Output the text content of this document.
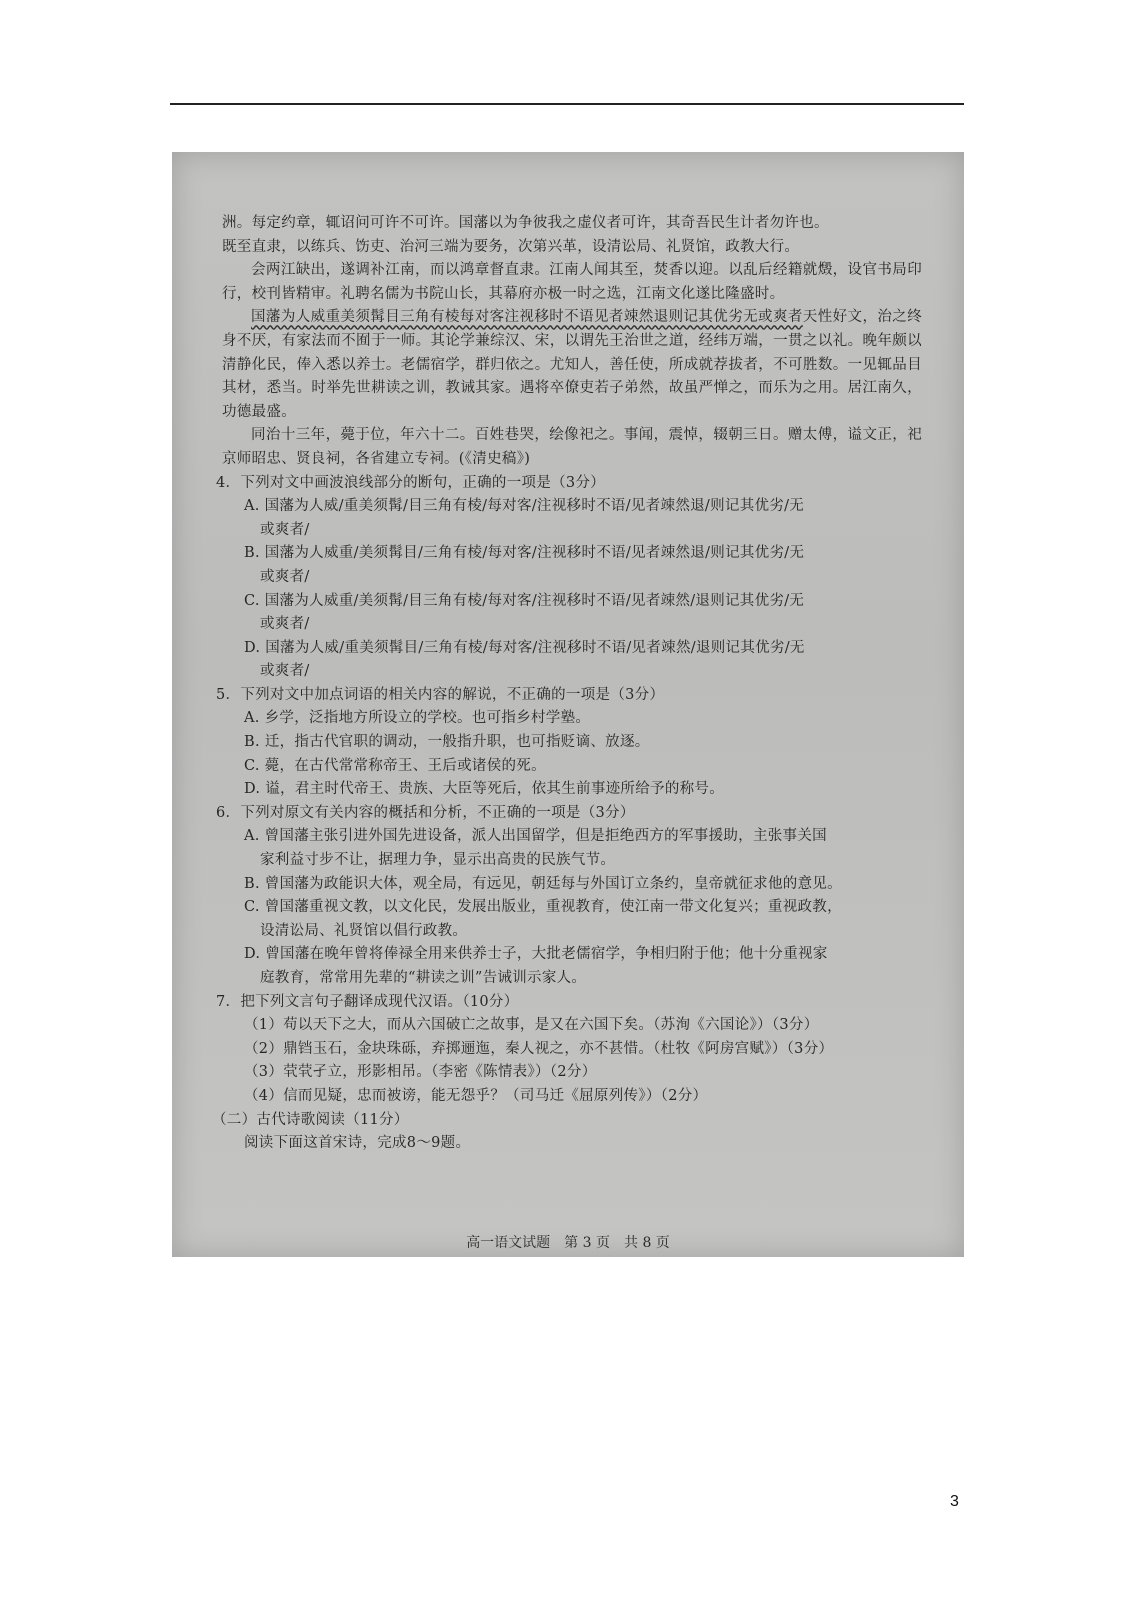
洲。每定约章，辄诏问可许不可许。国藩以为争彼我之虚仪者可许，其奇吾民生计者勿许也。

既至直隶，以练兵、饬吏、治河三端为要务，次第兴革，设清讼局、礼贤馆，政教大行。

会两江缺出，遂调补江南，而以鸿章督直隶。江南人闻其至，焚香以迎。以乱后经籍就燬，设官书局印行，校刊皆精审。礼聘名儒为书院山长，其幕府亦极一时之选，江南文化遂比隆盛时。

国藩为人威重美须髯目三角有棱每对客注视移时不语见者竦然退则记其优劣无或爽者天性好文，治之终身不厌，有家法而不囿于一师。其论学兼综汉、宋，以谓先王治世之道，经纬万端，一贯之以礼。晚年颇以清静化民，俸入悉以养士。老儒宿学，群归依之。尤知人，善任使，所成就荐拔者，不可胜数。一见辄品目其材，悉当。时举先世耕读之训，教诫其家。遇将卒僚吏若子弟然，故虽严惮之，而乐为之用。居江南久，功德最盛。

同治十三年，薨于位，年六十二。百姓巷哭，绘像祀之。事闻，震悼，辍朝三日。赠太傅，谥文正，祀京师昭忠、贤良祠，各省建立专祠。(《清史稿》)

4．下列对文中画波浪线部分的断句，正确的一项是（3分）

A. 国藩为人威/重美须髯/目三角有棱/每对客/注视移时不语/见者竦然退/则记其优劣/无
或爽者/

B. 国藩为人威重/美须髯目/三角有棱/每对客/注视移时不语/见者竦然退/则记其优劣/无
或爽者/

C. 国藩为人威重/美须髯/目三角有棱/每对客/注视移时不语/见者竦然/退则记其优劣/无
或爽者/

D. 国藩为人威/重美须髯目/三角有棱/每对客/注视移时不语/见者竦然/退则记其优劣/无
或爽者/

5．下列对文中加点词语的相关内容的解说，不正确的一项是（3分）

A. 乡学，泛指地方所设立的学校。也可指乡村学塾。

B. 迁，指古代官职的调动，一般指升职，也可指贬谪、放逐。

C. 薨，在古代常常称帝王、王后或诸侯的死。

D. 谥，君主时代帝王、贵族、大臣等死后，依其生前事迹所给予的称号。

6．下列对原文有关内容的概括和分析，不正确的一项是（3分）

A. 曾国藩主张引进外国先进设备，派人出国留学，但是拒绝西方的军事援助，主张事关国
家利益寸步不让，据理力争，显示出高贵的民族气节。

B. 曾国藩为政能识大体，观全局，有远见，朝廷每与外国订立条约，皇帝就征求他的意见。

C. 曾国藩重视文教，以文化民，发展出版业，重视教育，使江南一带文化复兴；重视政教，
设清讼局、礼贤馆以倡行政教。

D. 曾国藩在晚年曾将俸禄全用来供养士子，大批老儒宿学，争相归附于他；他十分重视家
庭教育，常常用先辈的“耕读之训”告诫训示家人。

7．把下列文言句子翻译成现代汉语。（10分）

（1）苟以天下之大，而从六国破亡之故事，是又在六国下矣。（苏洵《六国论》）（3分）

（2）鼎铛玉石，金块珠砾，弃掷逦迤，秦人视之，亦不甚惜。（杜牧《阿房宫赋》）（3分）

（3）茕茕孑立，形影相吊。（李密《陈情表》）（2分）

（4）信而见疑，忠而被谤，能无怨乎？（司马迁《屈原列传》）（2分）

（二）古代诗歌阅读（11分）

阅读下面这首宋诗，完成8～9题。

高一语文试题　第 3 页　共 8 页
3
